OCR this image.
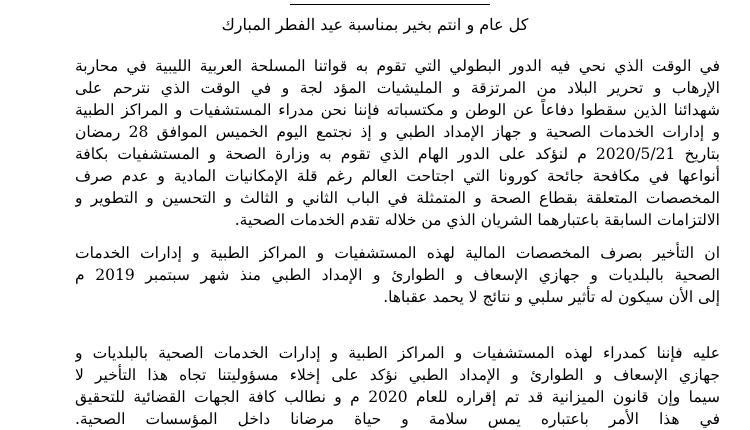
كل عام و انتم بخير بمناسبة عيد الفطر المبارك
في الوقت الذي نحي فيه الدور البطولي التي تقوم به قواتنا المسلحة العربية الليبية في محاربة
الإرهاب و تحرير البلاد من المرتزقة و المليشيات المؤد لجة و في الوقت الذي نترحم على
شهدائنا الذين سقطوا دفاعاً عن الوطن و مكتسباته فإننا نحن مدراء المستشفيات و المراكز الطبية
و إدارات الخدمات الصحية و جهاز الإمداد الطبي و إذ نجتمع اليوم الخميس الموافق 28 رمضان
بتاريخ 2020/5/21 م لنؤكد على الدور الهام الذي تقوم به وزارة الصحة و المستشفيات بكافة
أنواعها في مكافحة جائحة كورونا التي اجتاحت العالم رغم قلة الإمكانيات المادية و عدم صرف
المخصصات المتعلقة بقطاع الصحة و المتمثلة في الباب الثاني و الثالث و التحسين و التطوير و
الالتزامات السابقة باعتبارهما الشريان الذي من خلاله تقدم الخدمات الصحية.
ان التأخير بصرف المخصصات المالية لهذه المستشفيات و المراكز الطبية و إدارات الخدمات
الصحية بالبلديات و جهازي الإسعاف و الطوارئ و الإمداد الطبي منذ شهر سبتمبر 2019 م
إلى الأن سيكون له تأثير سلبي و نتائج لا يحمد عقباها.
عليه فإننا كمدراء لهذه المستشفيات و المراكز الطبية و إدارات الخدمات الصحية بالبلديات و
جهازي الإسعاف و الطوارئ و الإمداد الطبي نؤكد على إخلاء مسؤوليتنا تجاه هذا التأخير لا
سيما وإن قانون الميزانية قد تم إقراره للعام 2020 م و نطالب كافة الجهات القضائية للتحقيق
في هذا الأمر باعتباره يمس سلامة و حياة مرضانا داخل المؤسسات الصحية.
